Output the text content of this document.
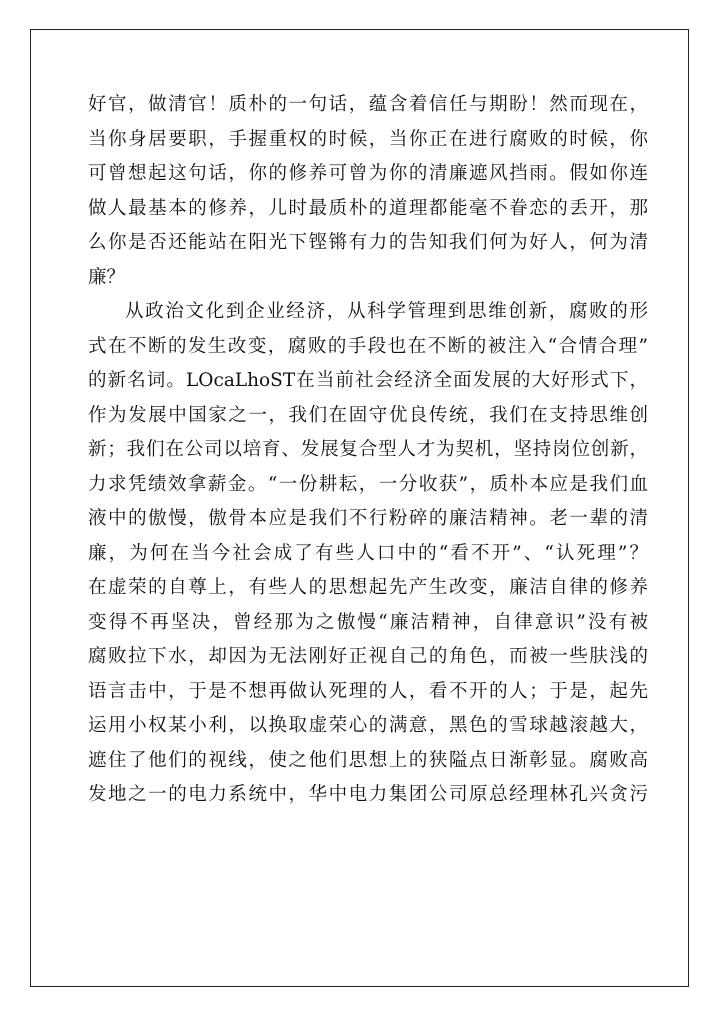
好官，做清官！质朴的一句话，蕴含着信任与期盼！然而现在，
当你身居要职，手握重权的时候，当你正在进行腐败的时候，你
可曾想起这句话，你的修养可曾为你的清廉遮风挡雨。假如你连
做人最基本的修养，儿时最质朴的道理都能毫不眷恋的丢开，那
么你是否还能站在阳光下铿锵有力的告知我们何为好人，何为清
廉？
从政治文化到企业经济，从科学管理到思维创新，腐败的形
式在不断的发生改变，腐败的手段也在不断的被注入“合情合理”
的新名词。LOcaLhoST在当前社会经济全面发展的大好形式下，
作为发展中国家之一，我们在固守优良传统，我们在支持思维创
新；我们在公司以培育、发展复合型人才为契机，坚持岗位创新，
力求凭绩效拿薪金。“一份耕耘，一分收获”，质朴本应是我们血
液中的傲慢，傲骨本应是我们不行粉碎的廉洁精神。老一辈的清
廉，为何在当今社会成了有些人口中的“看不开”、“认死理”？
在虚荣的自尊上，有些人的思想起先产生改变，廉洁自律的修养
变得不再坚决，曾经那为之傲慢“廉洁精神，自律意识”没有被
腐败拉下水，却因为无法刚好正视自己的角色，而被一些肤浅的
语言击中，于是不想再做认死理的人，看不开的人；于是，起先
运用小权某小利，以换取虚荣心的满意，黑色的雪球越滚越大，
遮住了他们的视线，使之他们思想上的狭隘点日渐彰显。腐败高
发地之一的电力系统中，华中电力集团公司原总经理林孔兴贪污
